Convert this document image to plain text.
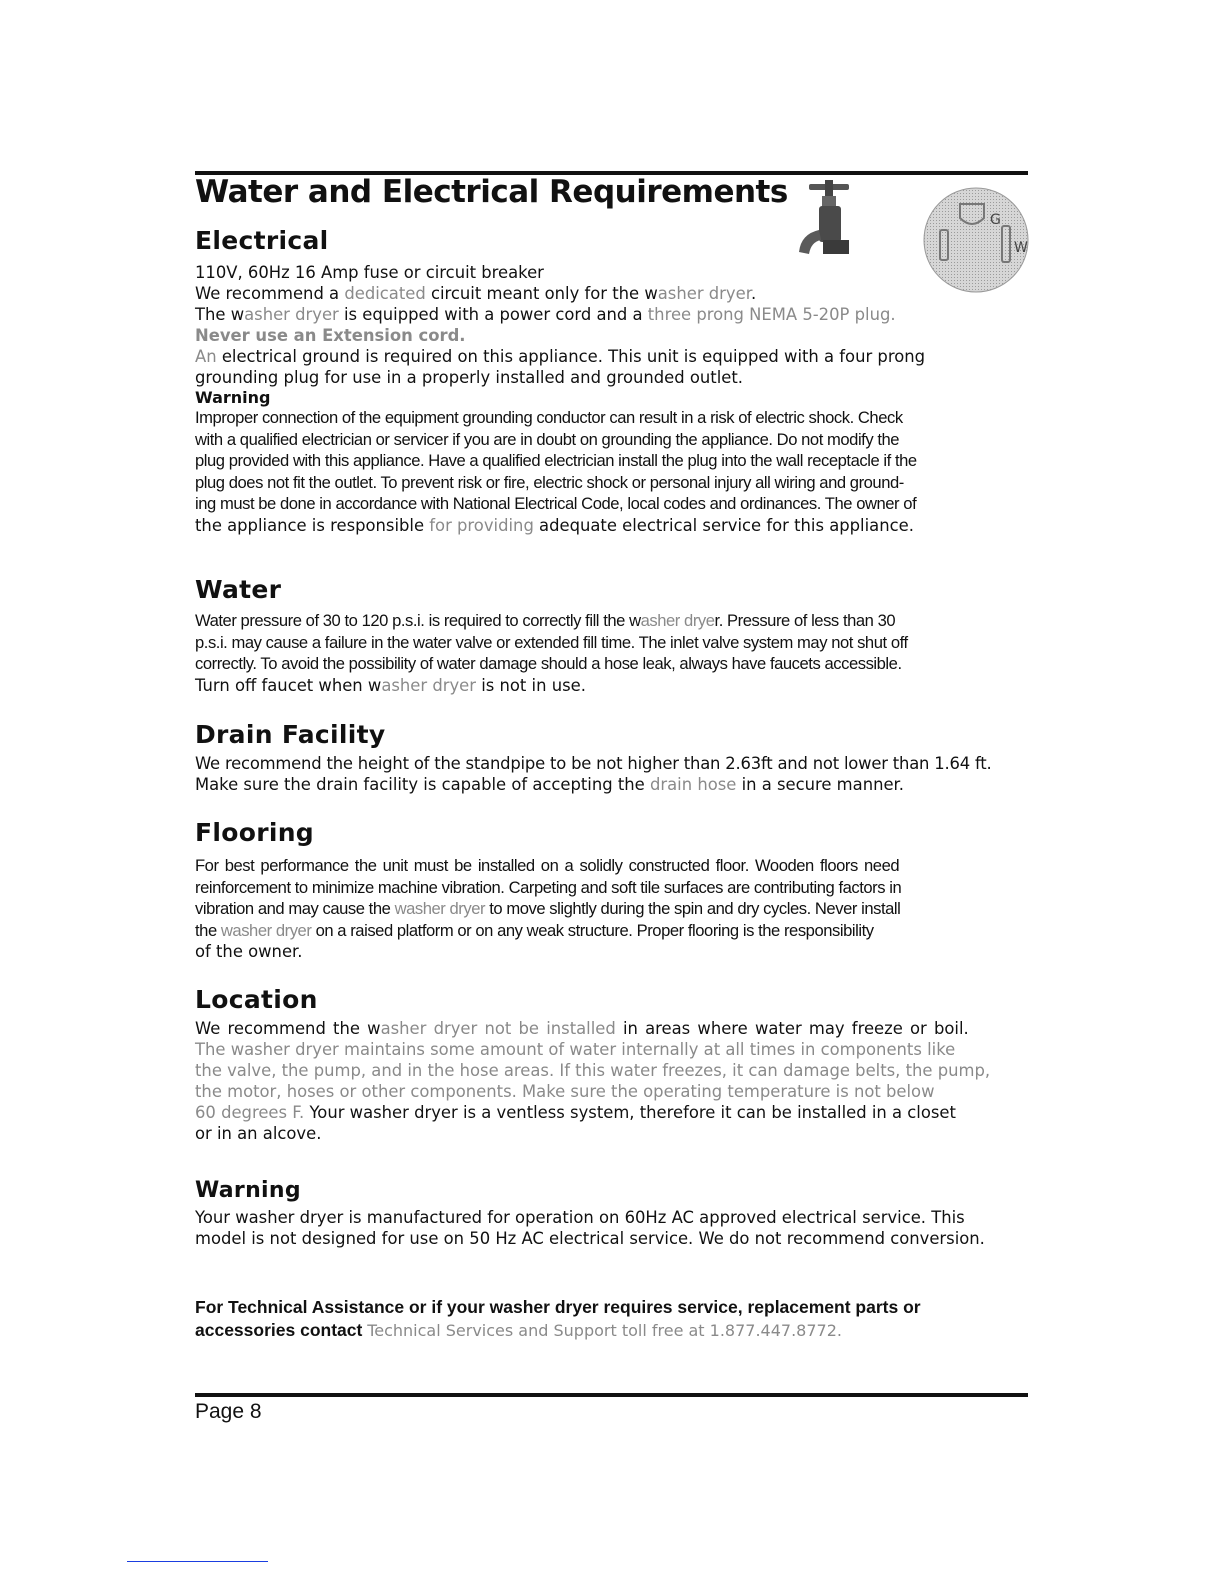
Water and Electrical Requirements
G
W
Electrical

110V, 60Hz 16 Amp fuse or circuit breaker

We recommend a dedicated circuit meant only for the washer dryer.

The washer dryer is equipped with a power cord and a three prong NEMA 5-20P plug.

Never use an Extension cord.

An electrical ground is required on this appliance. This unit is equipped with a four prong

grounding plug for use in a properly installed and grounded outlet.

Warning

Improper connection of the equipment grounding conductor can result in a risk of electric shock. Check

with a qualified electrician or servicer if you are in doubt on grounding the appliance. Do not modify the

plug provided with this appliance. Have a qualified electrician install the plug into the wall receptacle if the

plug does not fit the outlet. To prevent risk or fire, electric shock or personal injury all wiring and ground-

ing must be done in accordance with National Electrical Code, local codes and ordinances. The owner of

the appliance is responsible for providing adequate electrical service for this appliance.

Water

Water pressure of 30 to 120 p.s.i. is required to correctly fill the washer dryer. Pressure of less than 30

p.s.i. may cause a failure in the water valve or extended fill time. The inlet valve system may not shut off

correctly. To avoid the possibility of water damage should a hose leak, always have faucets accessible.

Turn off faucet when washer dryer is not in use.

Drain Facility

We recommend the height of the standpipe to be not higher than 2.63ft and not lower than 1.64 ft.

Make sure the drain facility is capable of accepting the drain hose in a secure manner.

Flooring

For best performance the unit must be installed on a solidly constructed floor. Wooden floors need

reinforcement to minimize machine vibration. Carpeting and soft tile surfaces are contributing factors in

vibration and may cause the washer dryer to move slightly during the spin and dry cycles. Never install

the washer dryer on a raised platform or on any weak structure. Proper flooring is the responsibility

of the owner.

Location

We recommend the washer dryer not be installed in areas where water may freeze or boil.

The washer dryer maintains some amount of water internally at all times in components like

the valve, the pump, and in the hose areas. If this water freezes, it can damage belts, the pump,

the motor, hoses or other components. Make sure the operating temperature is not below

60 degrees F. Your washer dryer is a ventless system, therefore it can be installed in a closet

or in an alcove.

Warning

Your washer dryer is manufactured for operation on 60Hz AC approved electrical service. This

model is not designed for use on 50 Hz AC electrical service. We do not recommend conversion.

For Technical Assistance or if your washer dryer requires service, replacement parts or
accessories contact Technical Services and Support toll free at 1.877.447.8772.
Page 8
